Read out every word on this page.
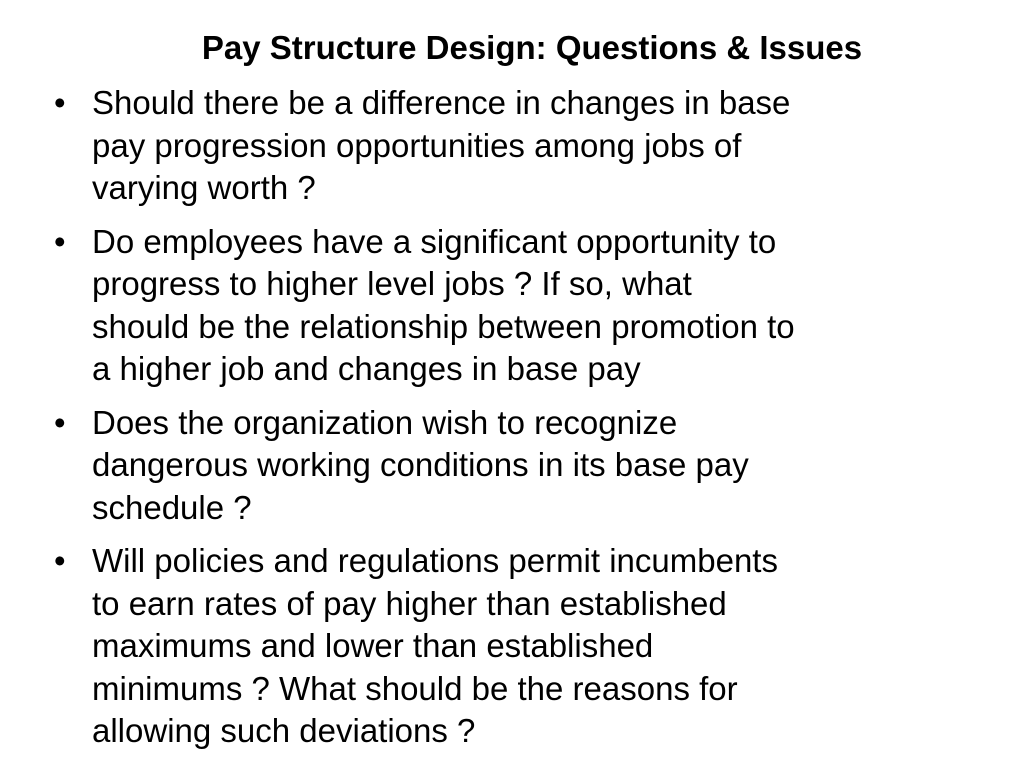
Pay Structure Design: Questions & Issues
• Should there be a difference in changes in base
pay progression opportunities among jobs of
varying worth ?
• Do employees have a significant opportunity to
progress to higher level jobs ? If so, what
should be the relationship between promotion to
a higher job and changes in base pay
• Does the organization wish to recognize
dangerous working conditions in its base pay
schedule ?
• Will policies and regulations permit incumbents
to earn rates of pay higher than established
maximums and lower than established
minimums ? What should be the reasons for
allowing such deviations ?
